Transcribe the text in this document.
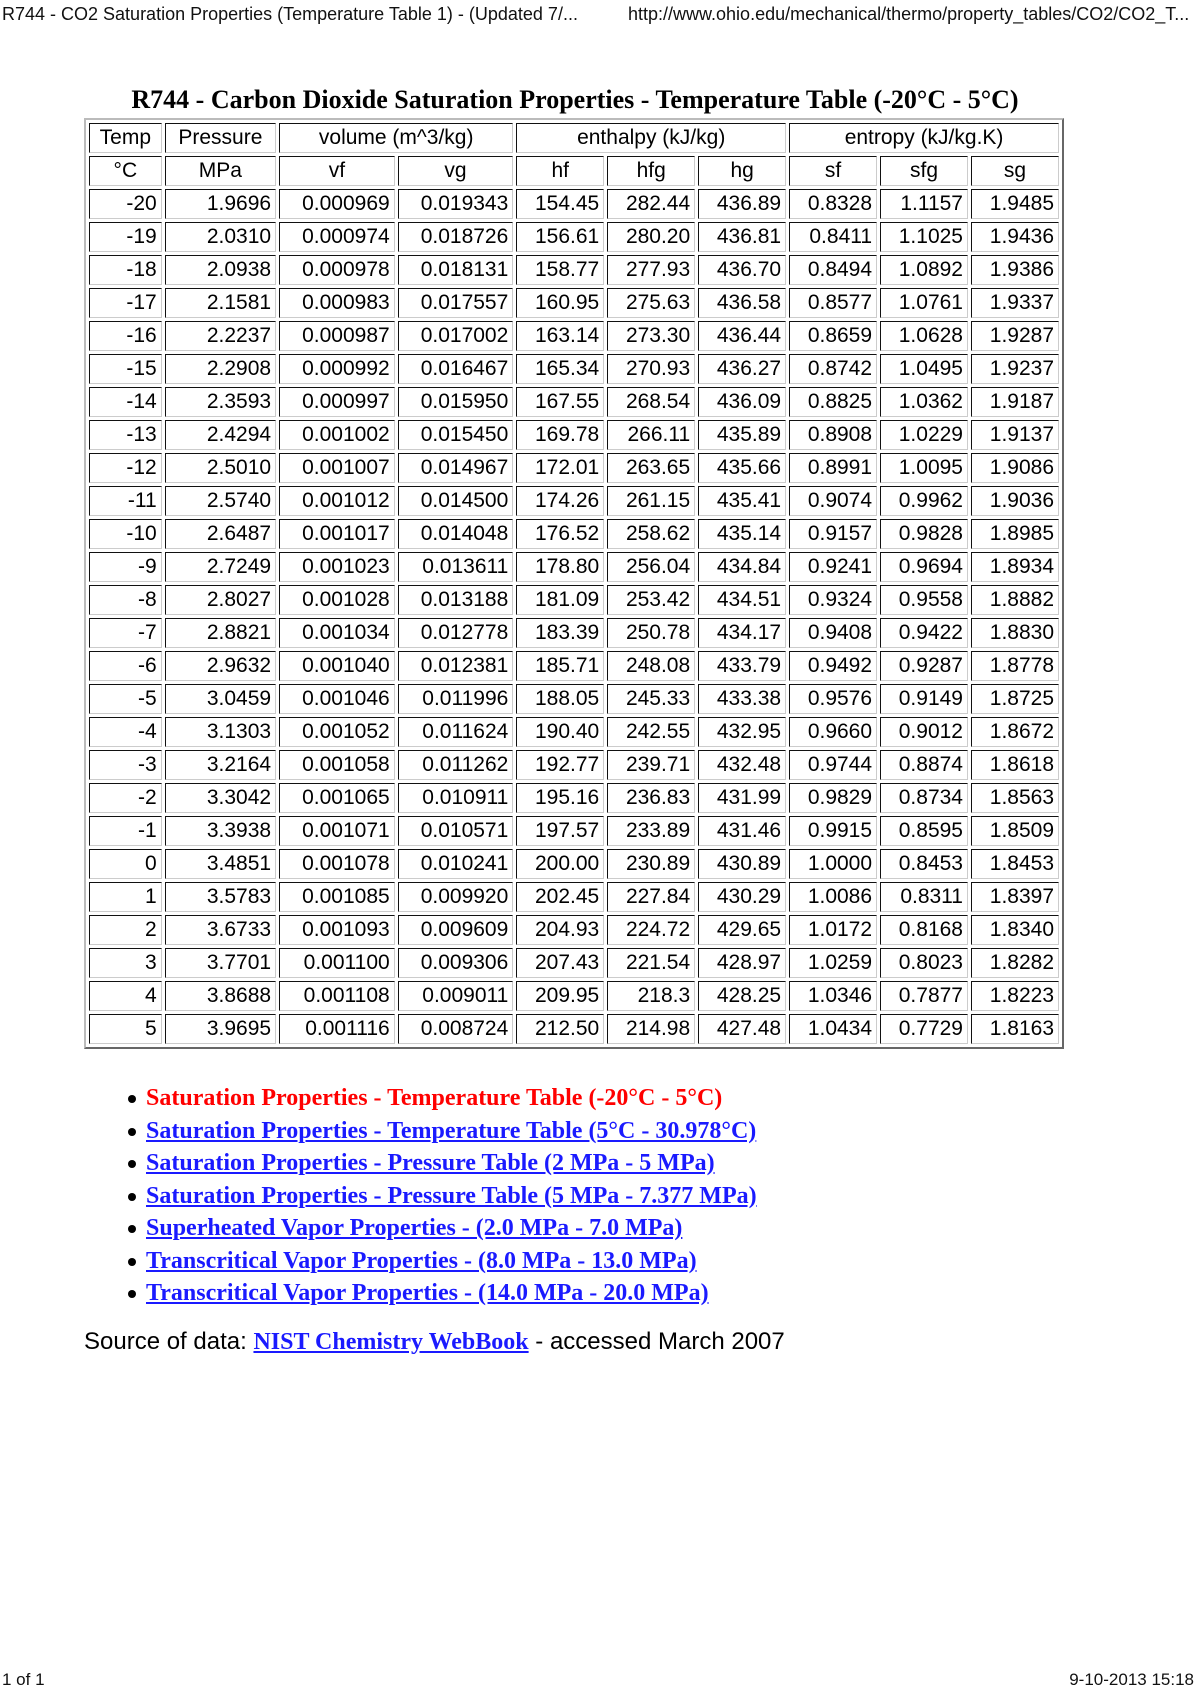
R744 - CO2 Saturation Properties (Temperature Table 1) - (Updated 7/...	http://www.ohio.edu/mechanical/thermo/property_tables/CO2/CO2_T...
R744 - Carbon Dioxide Saturation Properties - Temperature Table (-20°C - 5°C)
Temp	Pressure	volume (m^3/kg)		enthalpy (kJ/kg)			entropy (kJ/kg.K)		
°C	MPa	vf	vg	hf	hfg	hg	sf	sfg	sg
-20	1.9696	0.000969	0.019343	154.45	282.44	436.89	0.8328	1.1157	1.9485
-19	2.0310	0.000974	0.018726	156.61	280.20	436.81	0.8411	1.1025	1.9436
-18	2.0938	0.000978	0.018131	158.77	277.93	436.70	0.8494	1.0892	1.9386
-17	2.1581	0.000983	0.017557	160.95	275.63	436.58	0.8577	1.0761	1.9337
-16	2.2237	0.000987	0.017002	163.14	273.30	436.44	0.8659	1.0628	1.9287
-15	2.2908	0.000992	0.016467	165.34	270.93	436.27	0.8742	1.0495	1.9237
-14	2.3593	0.000997	0.015950	167.55	268.54	436.09	0.8825	1.0362	1.9187
-13	2.4294	0.001002	0.015450	169.78	266.11	435.89	0.8908	1.0229	1.9137
-12	2.5010	0.001007	0.014967	172.01	263.65	435.66	0.8991	1.0095	1.9086
-11	2.5740	0.001012	0.014500	174.26	261.15	435.41	0.9074	0.9962	1.9036
-10	2.6487	0.001017	0.014048	176.52	258.62	435.14	0.9157	0.9828	1.8985
-9	2.7249	0.001023	0.013611	178.80	256.04	434.84	0.9241	0.9694	1.8934
-8	2.8027	0.001028	0.013188	181.09	253.42	434.51	0.9324	0.9558	1.8882
-7	2.8821	0.001034	0.012778	183.39	250.78	434.17	0.9408	0.9422	1.8830
-6	2.9632	0.001040	0.012381	185.71	248.08	433.79	0.9492	0.9287	1.8778
-5	3.0459	0.001046	0.011996	188.05	245.33	433.38	0.9576	0.9149	1.8725
-4	3.1303	0.001052	0.011624	190.40	242.55	432.95	0.9660	0.9012	1.8672
-3	3.2164	0.001058	0.011262	192.77	239.71	432.48	0.9744	0.8874	1.8618
-2	3.3042	0.001065	0.010911	195.16	236.83	431.99	0.9829	0.8734	1.8563
-1	3.3938	0.001071	0.010571	197.57	233.89	431.46	0.9915	0.8595	1.8509
0	3.4851	0.001078	0.010241	200.00	230.89	430.89	1.0000	0.8453	1.8453
1	3.5783	0.001085	0.009920	202.45	227.84	430.29	1.0086	0.8311	1.8397
2	3.6733	0.001093	0.009609	204.93	224.72	429.65	1.0172	0.8168	1.8340
3	3.7701	0.001100	0.009306	207.43	221.54	428.97	1.0259	0.8023	1.8282
4	3.8688	0.001108	0.009011	209.95	218.3	428.25	1.0346	0.7877	1.8223
5	3.9695	0.001116	0.008724	212.50	214.98	427.48	1.0434	0.7729	1.8163
Saturation Properties - Temperature Table (-20°C - 5°C)
Saturation Properties - Temperature Table (5°C - 30.978°C)
Saturation Properties - Pressure Table (2 MPa - 5 MPa)
Saturation Properties - Pressure Table (5 MPa - 7.377 MPa)
Superheated Vapor Properties - (2.0 MPa - 7.0 MPa)
Transcritical Vapor Properties - (8.0 MPa - 13.0 MPa)
Transcritical Vapor Properties - (14.0 MPa - 20.0 MPa)
Source of data: NIST Chemistry WebBook - accessed March 2007
1 of 1	9-10-2013 15:18
